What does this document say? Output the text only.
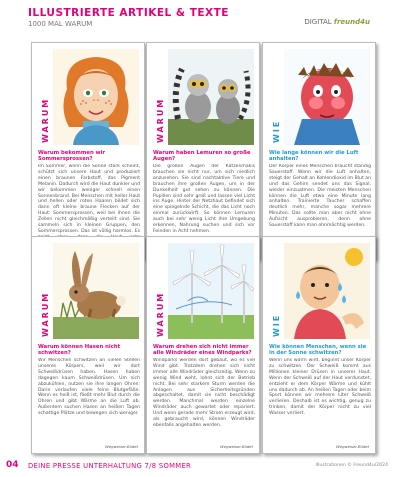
ILLUSTRIERTE ARTIKEL & TEXTE
1000 MAL WARUM	DIGITAL freund4u
WARUM
Warum bekommen wir Sommersprossen?
Im Sommer, wenn die Sonne stark scheint, schützt sich unsere Haut und produziert einen braunen Farbstoff, das Pigment Melanin. Dadurch wird die Haut dunkler und wir bekommen weniger schnell einen Sonnenbrand. Bei Menschen mit heller Haut und hellen oder roten Haaren bildet sich dann oft kleine braune Flecken auf der Haut: Sommersprossen, weil bei ihnen die Zellen nicht gleichmäßig verteilt sind. Sie sammeln sich in kleinen Gruppen, den Sommersprossen. Das ist völlig harmlos. Es
WARUM
Warum haben Lemuren so große Augen?
Die großen Augen der Katzenmakis brauchen sie nicht nur, um sich niedlich anzusehen. Sie sind nachtaktive Tiere und brauchen ihre großen Augen, um in der Dunkelheit gut sehen zu können. Die Pupillen sind sehr groß und lassen viel Licht ins Auge. Hinter der Netzhaut befindet sich eine spiegelnde Schicht, die das Licht noch einmal zurückwirft. So können Lemuren auch bei sehr wenig Licht ihre Umgebung erkennen, Nahrung suchen und sich vor Feinden in Acht nehmen.
WIE
Wie lange können wir die Luft anhalten?
Der Körper eines Menschen braucht ständig Sauerstoff. Wenn wir die Luft anhalten, steigt der Gehalt an Kohlendioxid im Blut an und das Gehirn sendet uns das Signal, wieder einzuatmen. Die meisten Menschen können die Luft etwa eine Minute lang anhalten. Trainierte Taucher schaffen deutlich mehr, manche sogar mehrere Minuten. Das sollte man aber nicht ohne Aufsicht ausprobieren, denn ohne Sauerstoff kann man ohnmächtig werden.
WARUM
Warum können Hasen nicht schwitzen?
Wir Menschen schwitzen an vielen Stellen unseres Körpers, weil wir dort Schweißdrüsen haben. Hasen haben dagegen kaum Schweißdrüsen. Um sich abzukühlen, nutzen sie ihre langen Ohren: Darin verlaufen viele feine Blutgefäße. Wenn es heiß ist, fließt mehr Blut durch die Ohren und gibt Wärme an die Luft ab. Außerdem suchen Hasen an heißen Tagen schattige Plätze und bewegen sich weniger.
Wegweiser-Bildet
WARUM
Warum drehen sich nicht immer alle Windräder eines Windparks?
Windparks werden dort gebaut, wo es viel Wind gibt. Trotzdem drehen sich nicht immer alle Windräder gleichzeitig. Wenn zu wenig Wind weht, lohnt sich der Betrieb nicht. Bei sehr starkem Sturm werden die Anlagen aus Sicherheitsgründen abgeschaltet, damit sie nicht beschädigt werden. Manchmal werden einzelne Windräder auch gewartet oder repariert. Und wenn gerade mehr Strom erzeugt wird, als gebraucht wird, können Windräder ebenfalls angehalten werden.
Wegweiser-Bildet
WIE
Wie können Menschen, wenn sie in der Sonne schwitzen?
Wenn uns warm wird, beginnt unser Körper zu schwitzen. Der Schweiß kommt aus Millionen kleiner Drüsen in unserer Haut. Wenn der Schweiß auf der Haut verdunstet, entzieht er dem Körper Wärme und kühlt uns dadurch ab. An heißen Tagen oder beim Sport können wir mehrere Liter Schweiß verlieren. Deshalb ist es wichtig, genug zu trinken, damit der Körper nicht zu viel Wasser verliert.
Wegweiser-Bildet
04 DEINE PRESSE UNTERHALTUNG 7/8 SOMMER	Illustrationen © Freund4u/2024
